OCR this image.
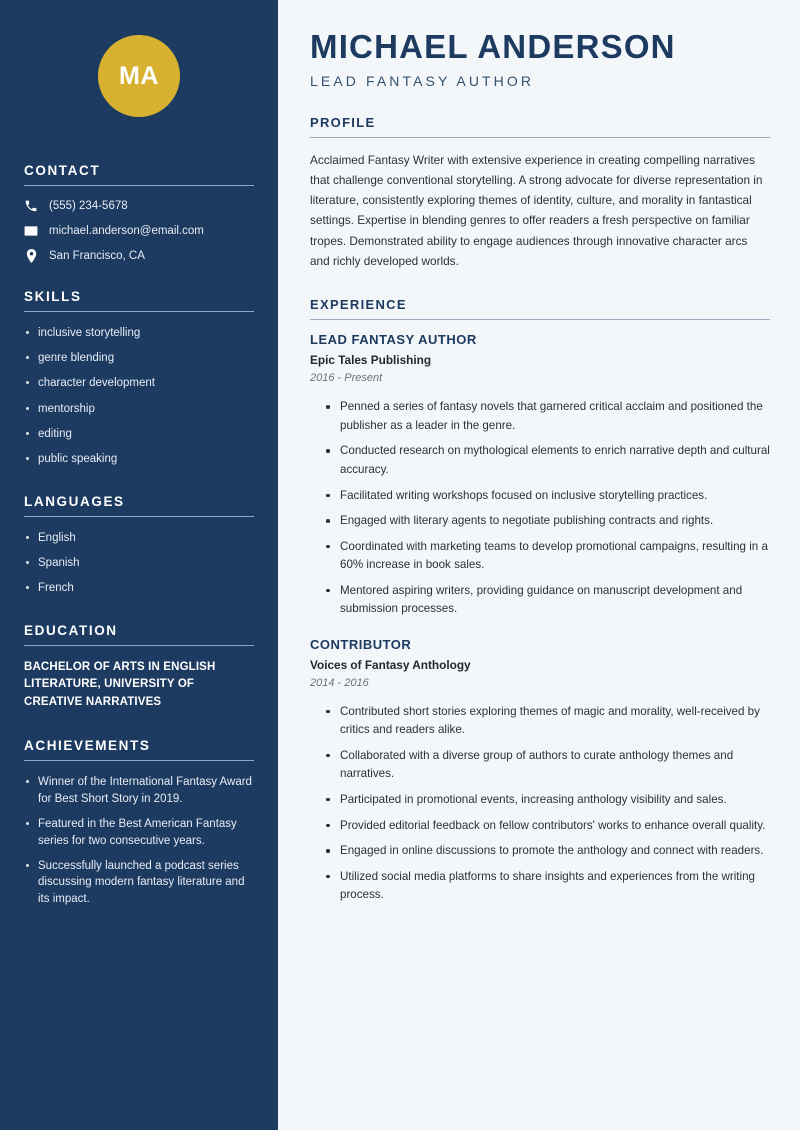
MA
CONTACT
(555) 234-5678
michael.anderson@email.com
San Francisco, CA
SKILLS
inclusive storytelling
genre blending
character development
mentorship
editing
public speaking
LANGUAGES
English
Spanish
French
EDUCATION
BACHELOR OF ARTS IN ENGLISH LITERATURE, UNIVERSITY OF CREATIVE NARRATIVES
ACHIEVEMENTS
Winner of the International Fantasy Award for Best Short Story in 2019.
Featured in the Best American Fantasy series for two consecutive years.
Successfully launched a podcast series discussing modern fantasy literature and its impact.
MICHAEL ANDERSON
LEAD FANTASY AUTHOR
PROFILE

Acclaimed Fantasy Writer with extensive experience in creating compelling narratives that challenge conventional storytelling. A strong advocate for diverse representation in literature, consistently exploring themes of identity, culture, and morality in fantastical settings. Expertise in blending genres to offer readers a fresh perspective on familiar tropes. Demonstrated ability to engage audiences through innovative character arcs and richly developed worlds.

EXPERIENCE
LEAD FANTASY AUTHOR
Epic Tales Publishing
2016 - Present
Penned a series of fantasy novels that garnered critical acclaim and positioned the publisher as a leader in the genre.
Conducted research on mythological elements to enrich narrative depth and cultural accuracy.
Facilitated writing workshops focused on inclusive storytelling practices.
Engaged with literary agents to negotiate publishing contracts and rights.
Coordinated with marketing teams to develop promotional campaigns, resulting in a 60% increase in book sales.
Mentored aspiring writers, providing guidance on manuscript development and submission processes.
CONTRIBUTOR
Voices of Fantasy Anthology
2014 - 2016
Contributed short stories exploring themes of magic and morality, well-received by critics and readers alike.
Collaborated with a diverse group of authors to curate anthology themes and narratives.
Participated in promotional events, increasing anthology visibility and sales.
Provided editorial feedback on fellow contributors' works to enhance overall quality.
Engaged in online discussions to promote the anthology and connect with readers.
Utilized social media platforms to share insights and experiences from the writing process.
